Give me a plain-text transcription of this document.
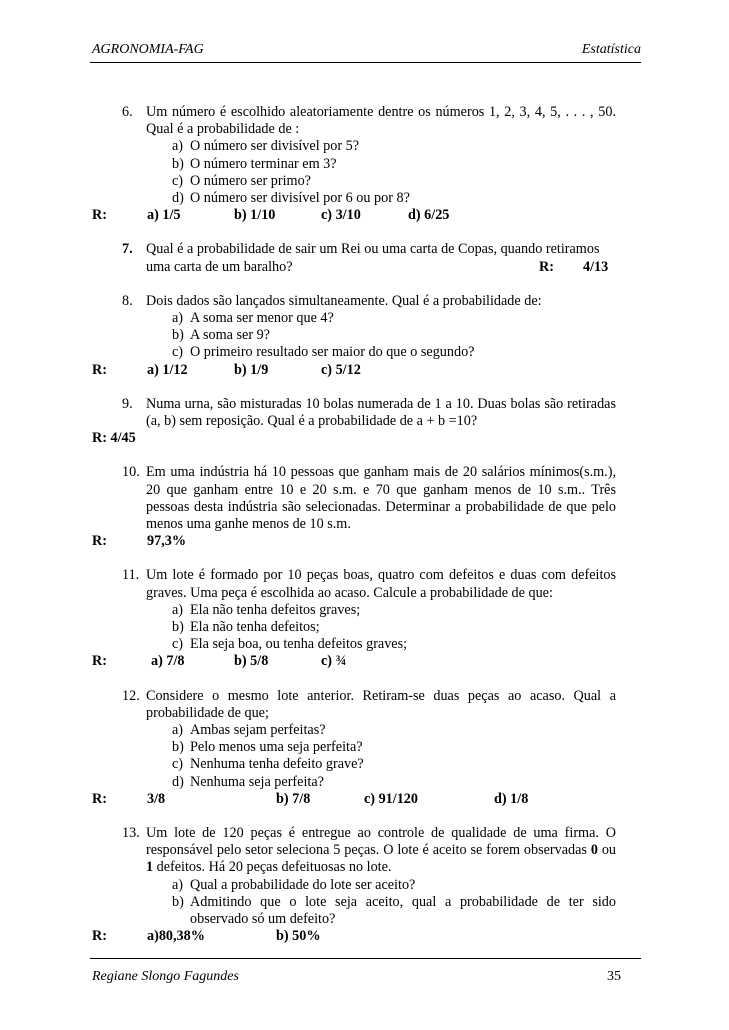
AGRONOMIA-FAG	Estatística
6. Um número é escolhido aleatoriamente dentre os números 1, 2, 3, 4, 5, . . . , 50. Qual é a probabilidade de :
a) O número ser divisível por 5?
b) O número terminar em 3?
c) O número ser primo?
d) O número ser divisível por 6 ou por 8?
R:	a) 1/5	b) 1/10	c) 3/10	d) 6/25
7. Qual é a probabilidade de sair um Rei ou uma carta de Copas, quando retiramos
uma carta de um baralho?	R: 4/13
8. Dois dados são lançados simultaneamente. Qual é a probabilidade de:
a) A soma ser menor que 4?
b) A soma ser 9?
c) O primeiro resultado ser maior do que o segundo?
R:	a) 1/12	b) 1/9	c) 5/12
9. Numa urna, são misturadas 10 bolas numerada de 1 a 10. Duas bolas são retiradas (a, b) sem reposição. Qual é a probabilidade de a + b =10?
R: 4/45
10. Em uma indústria há 10 pessoas que ganham mais de 20 salários mínimos(s.m.), 20 que ganham entre 10 e 20 s.m. e 70 que ganham menos de 10 s.m.. Três pessoas desta indústria são selecionadas. Determinar a probabilidade de que pelo menos uma ganhe menos de 10 s.m.
R:	97,3%
11. Um lote é formado por 10 peças boas, quatro com defeitos e duas com defeitos graves. Uma peça é escolhida ao acaso. Calcule a probabilidade de que:
a) Ela não tenha defeitos graves;
b) Ela não tenha defeitos;
c) Ela seja boa, ou tenha defeitos graves;
R:	a) 7/8	b) 5/8	c) ¾
12. Considere o mesmo lote anterior. Retiram-se duas peças ao acaso. Qual a probabilidade de que;
a) Ambas sejam perfeitas?
b) Pelo menos uma seja perfeita?
c) Nenhuma tenha defeito grave?
d) Nenhuma seja perfeita?
R:	3/8	b) 7/8	c) 91/120	d) 1/8
13. Um lote de 120 peças é entregue ao controle de qualidade de uma firma. O responsável pelo setor seleciona 5 peças. O lote é aceito se forem observadas 0 ou 1 defeitos. Há 20 peças defeituosas no lote.
a) Qual a probabilidade do lote ser aceito?
b) Admitindo que o lote seja aceito, qual a probabilidade de ter sido observado só um defeito?
R:	a)80,38%	b) 50%
Regiane Slongo Fagundes	35
